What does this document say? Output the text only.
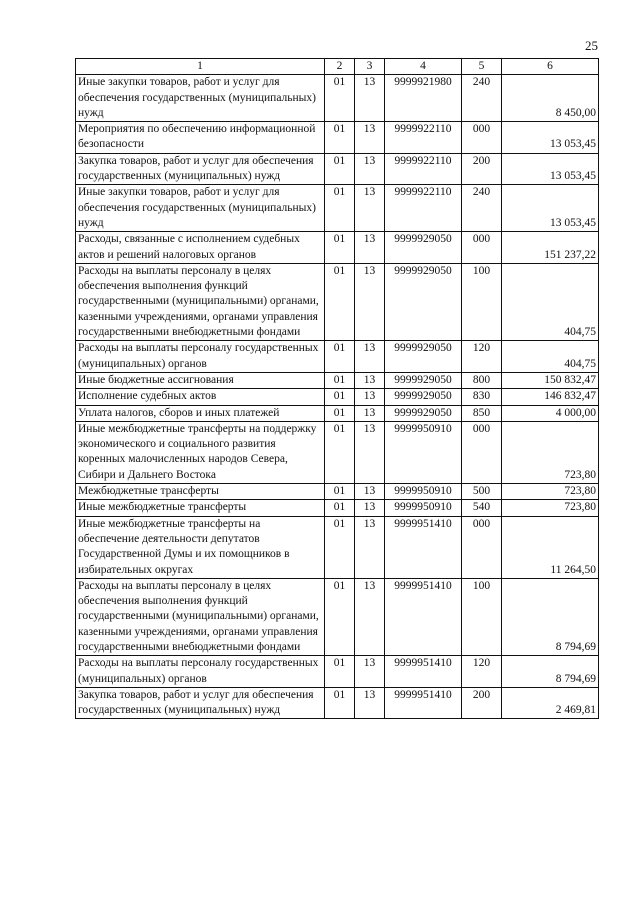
25
1	2	3	4	5	6
Иные закупки товаров, работ и услуг для обеспечения государственных (муниципальных) нужд	01	13	9999921980	240	8 450,00
Мероприятия по обеспечению информационной безопасности	01	13	9999922110	000	13 053,45
Закупка товаров, работ и услуг для обеспечения государственных (муниципальных) нужд	01	13	9999922110	200	13 053,45
Иные закупки товаров, работ и услуг для обеспечения государственных (муниципальных) нужд	01	13	9999922110	240	13 053,45
Расходы, связанные с исполнением судебных актов и решений налоговых органов	01	13	9999929050	000	151 237,22
Расходы на выплаты персоналу в целях обеспечения выполнения функций государственными (муниципальными) органами, казенными учреждениями, органами управления государственными внебюджетными фондами	01	13	9999929050	100	404,75
Расходы на выплаты персоналу государственных (муниципальных) органов	01	13	9999929050	120	404,75
Иные бюджетные ассигнования	01	13	9999929050	800	150 832,47
Исполнение судебных актов	01	13	9999929050	830	146 832,47
Уплата налогов, сборов и иных платежей	01	13	9999929050	850	4 000,00
Иные межбюджетные трансферты на поддержку экономического и социального развития коренных малочисленных народов Севера, Сибири и Дальнего Востока	01	13	9999950910	000	723,80
Межбюджетные трансферты	01	13	9999950910	500	723,80
Иные межбюджетные трансферты	01	13	9999950910	540	723,80
Иные межбюджетные трансферты на обеспечение деятельности депутатов Государственной Думы и их помощников в избирательных округах	01	13	9999951410	000	11 264,50
Расходы на выплаты персоналу в целях обеспечения выполнения функций государственными (муниципальными) органами, казенными учреждениями, органами управления государственными внебюджетными фондами	01	13	9999951410	100	8 794,69
Расходы на выплаты персоналу государственных (муниципальных) органов	01	13	9999951410	120	8 794,69
Закупка товаров, работ и услуг для обеспечения государственных (муниципальных) нужд	01	13	9999951410	200	2 469,81
